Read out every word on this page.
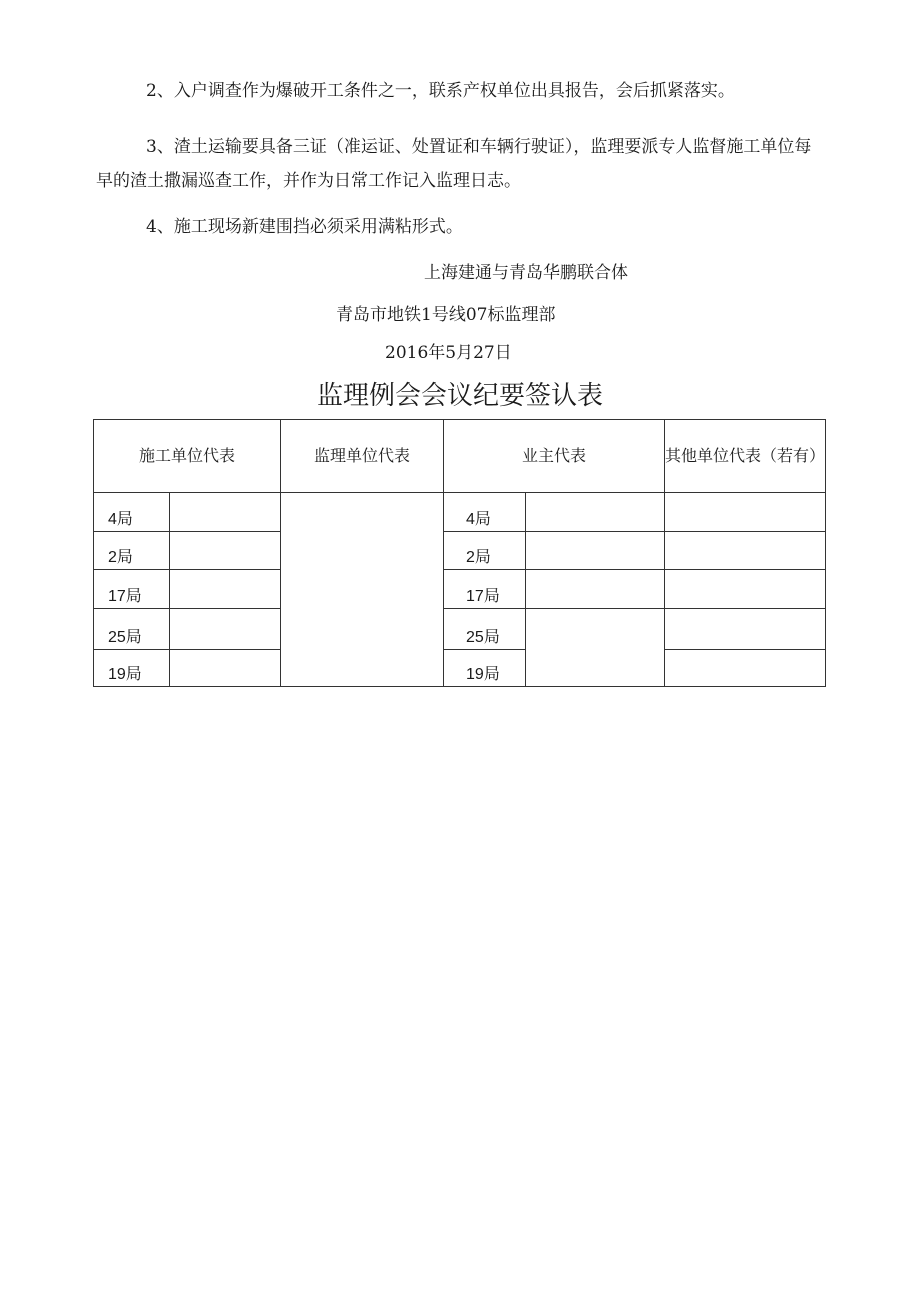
2、入户调查作为爆破开工条件之一，联系产权单位出具报告，会后抓紧落实。

3、渣土运输要具备三证（准运证、处置证和车辆行驶证），监理要派专人监督施工单位每早的渣土撒漏巡查工作，并作为日常工作记入监理日志。

4、施工现场新建围挡必须采用满粘形式。

上海建通与青岛华鹏联合体
青岛市地铁1号线07标监理部
2016年5月27日
监理例会会议纪要签认表
施工单位代表		监理单位代表	业主代表		其他单位代表（若有）
4局			4局		
2局			2局		
17局			17局		
25局			25局		
19局			19局		
